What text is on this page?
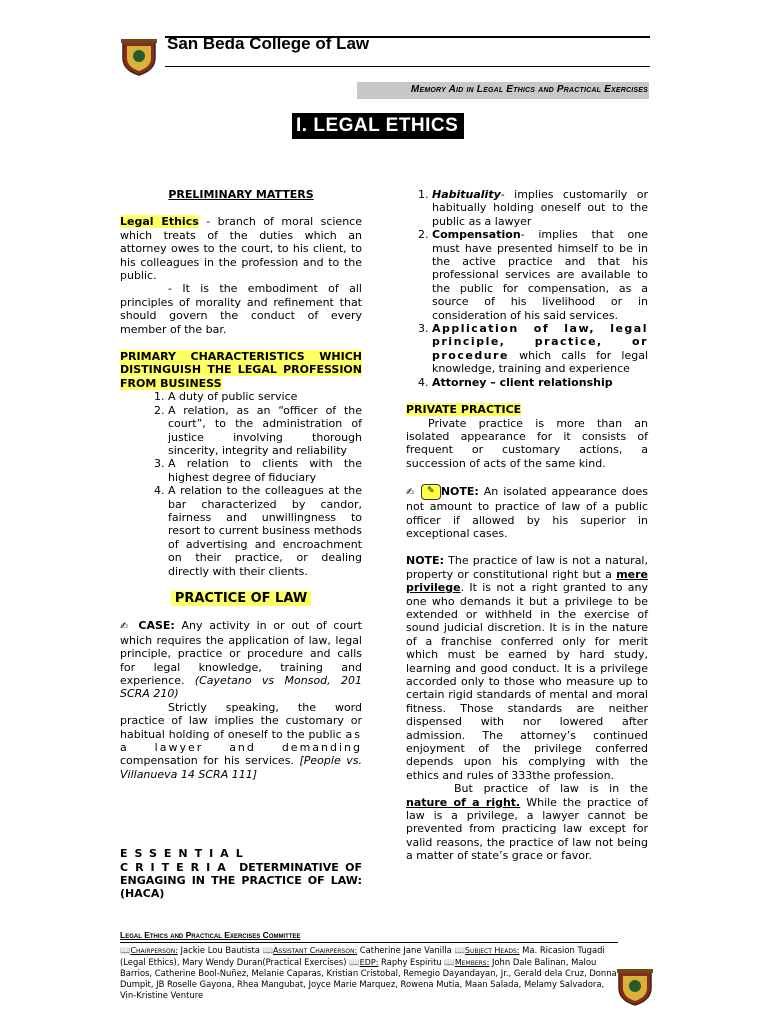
San Beda College of Law
Memory Aid in Legal Ethics and Practical Exercises
I. LEGAL ETHICS

PRELIMINARY MATTERS

Legal Ethics - branch of moral science which treats of the duties which an attorney owes to the court, to his client, to his colleagues in the profession and to the public.

- It is the embodiment of all principles of morality and refinement that should govern the conduct of every member of the bar.

PRIMARY CHARACTERISTICS WHICH DISTINGUISH THE LEGAL PROFESSION FROM BUSINESS

1. A duty of public service
2. A relation, as an “officer of the court”, to the administration of justice involving thorough sincerity, integrity and reliability
3. A relation to clients with the highest degree of fiduciary
4. A relation to the colleagues at the bar characterized by candor, fairness and unwillingness to resort to current business methods of advertising and encroachment on their practice, or dealing directly with their clients.

PRACTICE OF LAW

✍ CASE: Any activity in or out of court which requires the application of law, legal principle, practice or procedure and calls for legal knowledge, training and experience. (Cayetano vs Monsod, 201 SCRA 210)

Strictly speaking, the word practice of law implies the customary or habitual holding of oneself to the public as a lawyer and demanding compensation for his services. [People vs. Villanueva 14 SCRA 111]

ESSENTIAL CRITERIA DETERMINATIVE OF ENGAGING IN THE PRACTICE OF LAW: (HACA)

1. Habituality- implies customarily or habitually holding oneself out to the public as a lawyer
2. Compensation- implies that one must have presented himself to be in the active practice and that his professional services are available to the public for compensation, as a source of his livelihood or in consideration of his said services.
3. Application of law, legal principle, practice, or procedure which calls for legal knowledge, training and experience
4. Attorney – client relationship

PRIVATE PRACTICE

Private practice is more than an isolated appearance for it consists of frequent or customary actions, a succession of acts of the same kind.

✍ ✎ NOTE: An isolated appearance does not amount to practice of law of a public officer if allowed by his superior in exceptional cases.

NOTE: The practice of law is not a natural, property or constitutional right but a mere privilege. It is not a right granted to any one who demands it but a privilege to be extended or withheld in the exercise of sound judicial discretion. It is in the nature of a franchise conferred only for merit which must be earned by hard study, learning and good conduct. It is a privilege accorded only to those who measure up to certain rigid standards of mental and moral fitness. Those standards are neither dispensed with nor lowered after admission. The attorney’s continued enjoyment of the privilege conferred depends upon his complying with the ethics and rules of 333the profession.

But practice of law is in the nature of a right. While the practice of law is a privilege, a lawyer cannot be prevented from practicing law except for valid reasons, the practice of law not being a matter of state’s grace or favor.

Legal Ethics and Practical Exercises Committee
📖Chairperson: Jackie Lou Bautista 📖Assistant Chairperson: Catherine Jane Vanilla 📖Subject Heads: Ma. Ricasion Tugadi (Legal Ethics), Mary Wendy Duran(Practical Exercises) 📖EDP: Raphy Espiritu 📖Members: John Dale Balinan, Malou Barrios, Catherine Bool-Nuñez, Melanie Caparas, Kristian Cristobal, Remegio Dayandayan, Jr., Gerald dela Cruz, Donna Dumpit, JB Roselle Gayona, Rhea Mangubat, Joyce Marie Marquez, Rowena Mutia, Maan Salada, Melamy Salvadora, Vin-Kristine Venture
